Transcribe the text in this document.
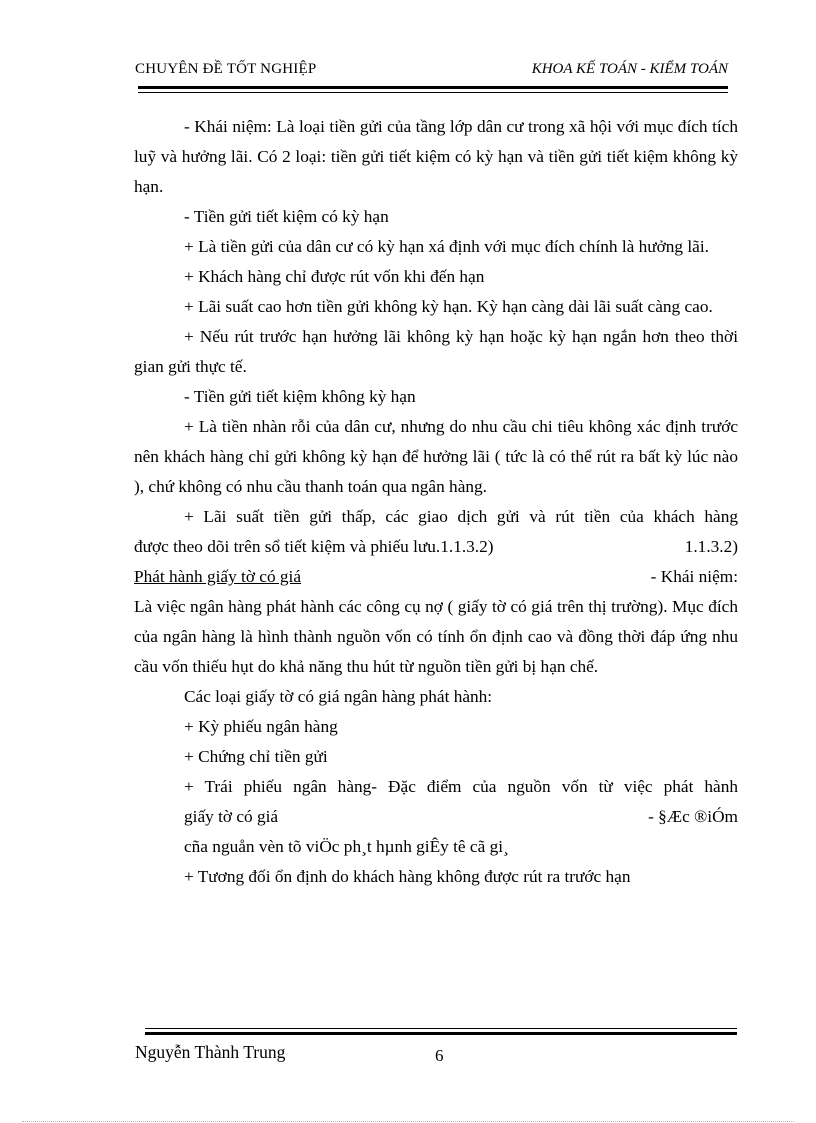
CHUYÊN ĐỀ TỐT NGHIỆP	KHOA KẾ TOÁN - KIỂM TOÁN

- Khái niệm: Là loại tiền gửi của tầng lớp dân cư trong xã hội với mục đích tích luỹ và hưởng lãi. Có 2 loại: tiền gửi tiết kiệm có kỳ hạn và tiền gửi tiết kiệm không kỳ hạn.

- Tiền gửi tiết kiệm có kỳ hạn

+ Là tiền gửi của dân cư có kỳ hạn xá định với mục đích chính là hưởng lãi.

+ Khách hàng chỉ được rút vốn khi đến hạn

+ Lãi suất cao hơn tiền gửi không kỳ hạn. Kỳ hạn càng dài lãi suất càng cao.

+ Nếu rút trước hạn hưởng lãi không kỳ hạn hoặc kỳ hạn ngắn hơn theo thời gian gửi thực tế.

- Tiền gửi tiết kiệm không kỳ hạn

+ Là tiền nhàn rỗi của dân cư, nhưng do nhu cầu chi tiêu không xác định trước nên khách hàng chỉ gửi không kỳ hạn để hưởng lãi ( tức là có thể rút ra bất kỳ lúc nào ), chứ không có nhu cầu thanh toán qua ngân hàng.

+ Lãi suất tiền gửi thấp, các giao dịch gửi và rút tiền của khách hàng

được theo dõi trên sổ tiết kiệm và phiếu lưu.1.1.3.2)	1.1.3.2)
Phát hành giấy tờ có giá	- Khái niệm:

Là việc ngân hàng phát hành các công cụ nợ ( giấy tờ có giá trên thị trường). Mục đích của ngân hàng là hình thành nguồn vốn có tính ổn định cao và đồng thời đáp ứng nhu cầu vốn thiếu hụt do khả năng thu hút từ nguồn tiền gửi bị hạn chế.

Các loại giấy tờ có giá ngân hàng phát hành:

+ Kỳ phiếu ngân hàng

+ Chứng chỉ tiền gửi

+ Trái phiếu ngân hàng- Đặc điểm của nguồn vốn từ việc phát hành

giấy tờ có giá	- §Æc ®iÓm

cña nguån vèn tõ viÖc ph¸t hµnh giÊy tê cã gi¸

+ Tương đối ổn định do khách hàng không được rút ra trước hạn

Nguyễn Thành Trung	6
